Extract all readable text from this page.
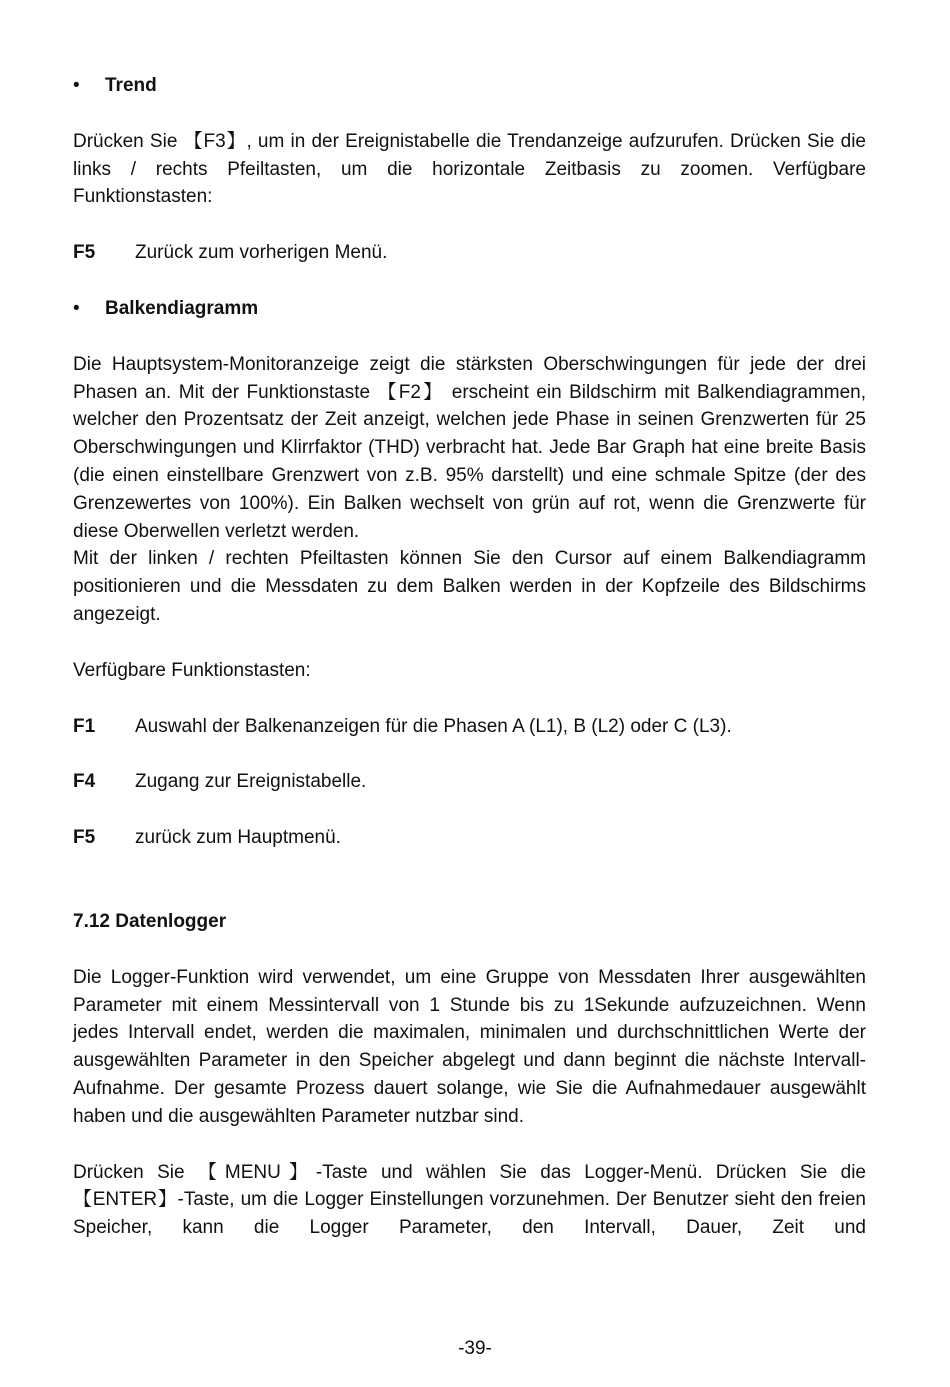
•	Trend

Drücken Sie 【F3】, um in der Ereignistabelle die Trendanzeige aufzurufen. Drücken Sie die links / rechts Pfeiltasten, um die horizontale Zeitbasis zu zoomen. Verfügbare Funktionstasten:

F5	Zurück zum vorherigen Menü.
•	Balkendiagramm

Die Hauptsystem-Monitoranzeige zeigt die stärksten Oberschwingungen für jede der drei Phasen an. Mit der Funktionstaste 【F2】 erscheint ein Bildschirm mit Balkendiagrammen, welcher den Prozentsatz der Zeit anzeigt, welchen jede Phase in seinen Grenzwerten für 25 Oberschwingungen und Klirrfaktor (THD) verbracht hat. Jede Bar Graph hat eine breite Basis (die einen einstellbare Grenzwert von z.B. 95% darstellt) und eine schmale Spitze (der des Grenzewertes von 100%). Ein Balken wechselt von grün auf rot, wenn die Grenzwerte für diese Oberwellen verletzt werden.

Mit der linken / rechten Pfeiltasten können Sie den Cursor auf einem Balkendiagramm positionieren und die Messdaten zu dem Balken werden in der Kopfzeile des Bildschirms angezeigt.

Verfügbare Funktionstasten:

F1	Auswahl der Balkenanzeigen für die Phasen A (L1), B (L2) oder C (L3).
F4	Zugang zur Ereignistabelle.
F5	zurück zum Hauptmenü.

7.12 Datenlogger

Die Logger-Funktion wird verwendet, um eine Gruppe von Messdaten Ihrer ausgewählten Parameter mit einem Messintervall von 1 Stunde bis zu 1Sekunde aufzuzeichnen. Wenn jedes Intervall endet, werden die maximalen, minimalen und durchschnittlichen Werte der ausgewählten Parameter in den Speicher abgelegt und dann beginnt die nächste Intervall-Aufnahme. Der gesamte Prozess dauert solange, wie Sie die Aufnahmedauer ausgewählt haben und die ausgewählten Parameter nutzbar sind.

Drücken Sie 【MENU】-Taste und wählen Sie das Logger-Menü. Drücken Sie die【ENTER】-Taste, um die Logger Einstellungen vorzunehmen. Der Benutzer sieht den freien Speicher, kann die Logger Parameter, den Intervall, Dauer, Zeit und

-39-
